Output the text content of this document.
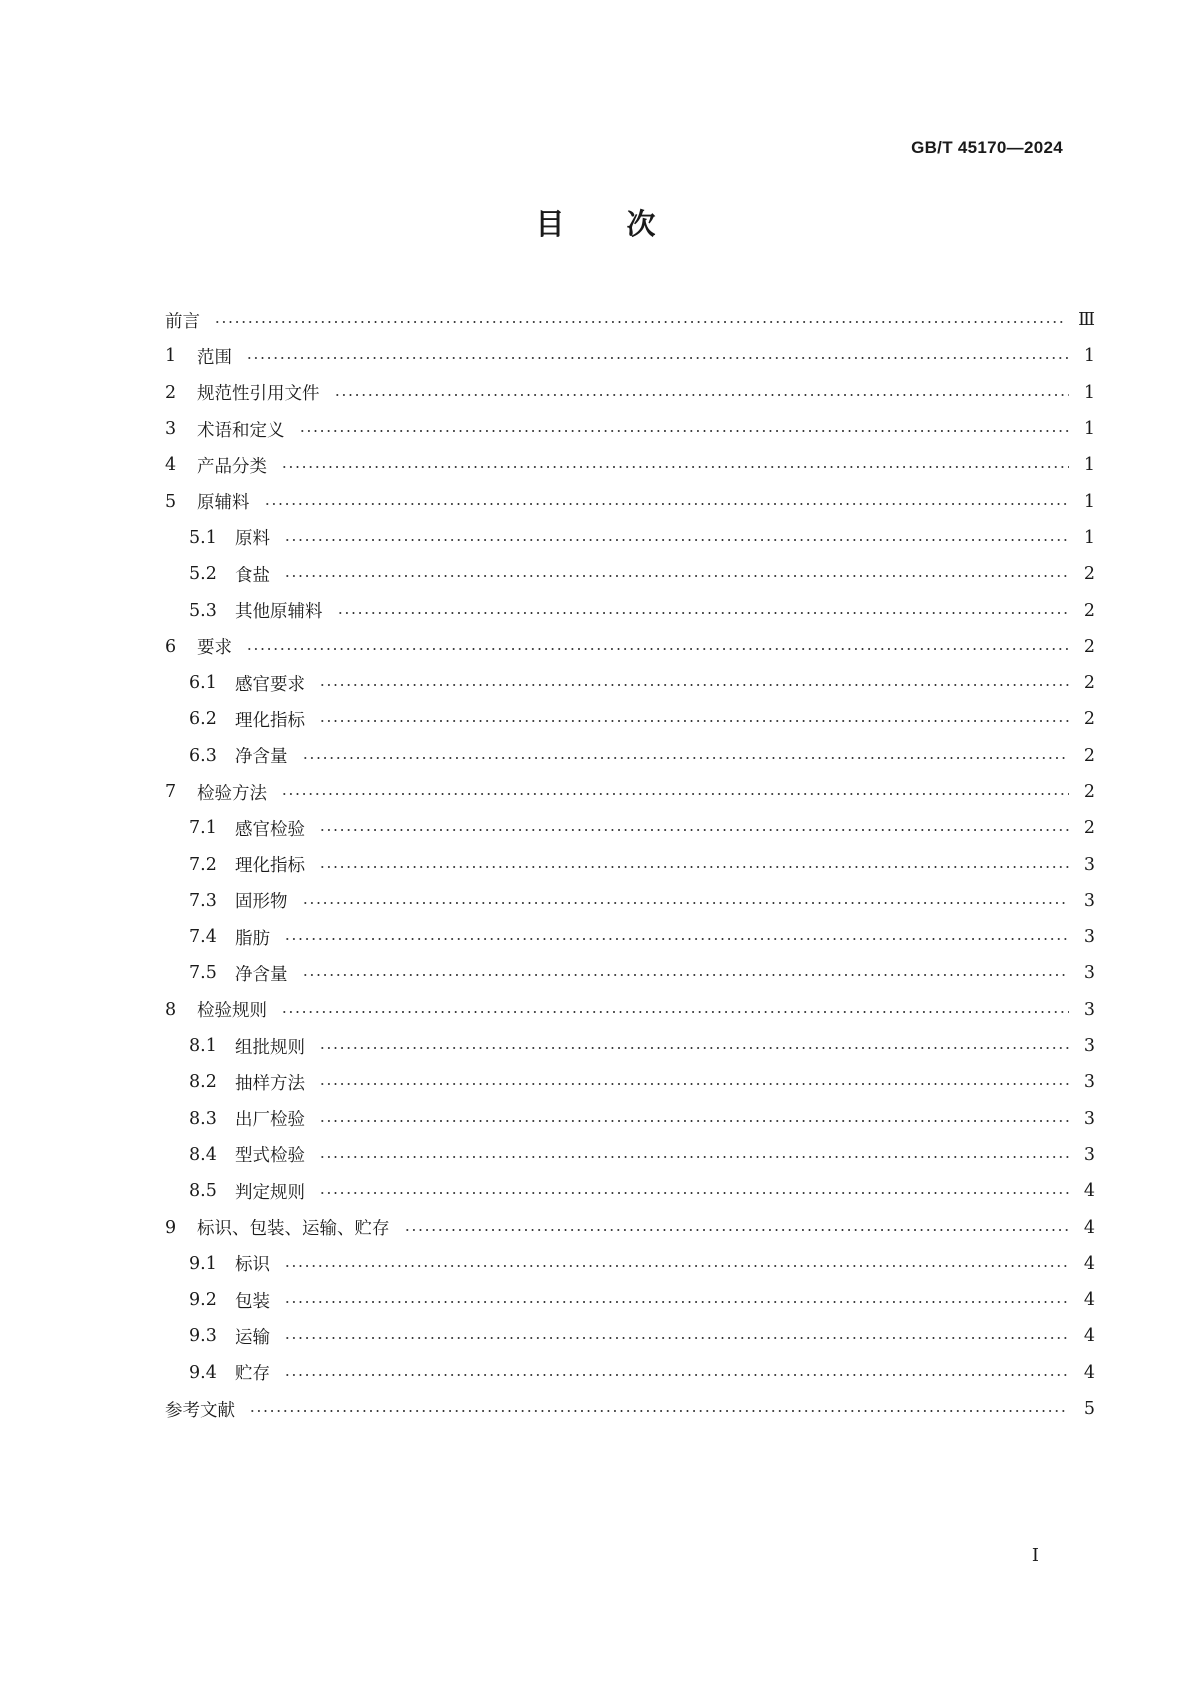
GB/T 45170—2024
目次
前言	Ⅲ
1	范围	1
2	规范性引用文件	1
3	术语和定义	1
4	产品分类	1
5	原辅料	1
5.1	原料	1
5.2	食盐	2
5.3	其他原辅料	2
6	要求	2
6.1	感官要求	2
6.2	理化指标	2
6.3	净含量	2
7	检验方法	2
7.1	感官检验	2
7.2	理化指标	3
7.3	固形物	3
7.4	脂肪	3
7.5	净含量	3
8	检验规则	3
8.1	组批规则	3
8.2	抽样方法	3
8.3	出厂检验	3
8.4	型式检验	3
8.5	判定规则	4
9	标识、包装、运输、贮存	4
9.1	标识	4
9.2	包装	4
9.3	运输	4
9.4	贮存	4
参考文献	5
I
